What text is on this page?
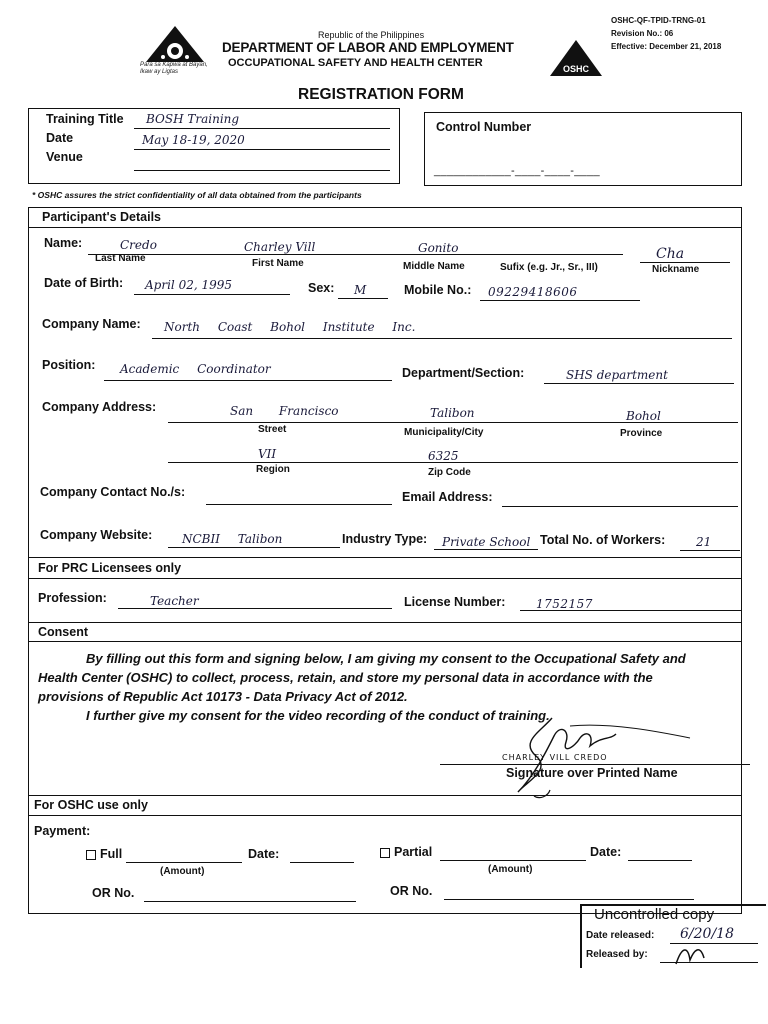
Para sa Kapwa at Bayan, Ikaw ay Ligtas
Republic of the Philippines
DEPARTMENT OF LABOR AND EMPLOYMENT
OCCUPATIONAL SAFETY AND HEALTH CENTER
OSHC-QF-TPID-TRNG-01
Revision No.: 06
Effective: December 21, 2018
OSHC
REGISTRATION FORM
Training Title BOSH Training
Date	May 18-19, 2020
Venue
Control Number
____________-____-____-____
* OSHC assures the strict confidentiality of all data obtained from the participants
Participant's Details
Name:	Credo	Charley Vill	Gonito	Cha
Last Name	First Name	Middle Name	Sufix (e.g. Jr., Sr., III)	Nickname
Date of Birth: April 02, 1995	Sex: M	Mobile No.: 09229418606
Company Name: North Coast Bohol Institute Inc.
Position: Academic Coordinator	Department/Section:	SHS department
Company Address:	San Francisco	Talibon	Bohol
Street	Municipality/City	Province
VII	6325
Region	Zip Code
Company Contact No./s:	Email Address:
Company Website: NCBII Talibon	Industry Type: Private School Total No. of Workers:	21
For PRC Licensees only
Profession:	Teacher	License Number:	1752157
Consent
By filling out this form and signing below, I am giving my consent to the Occupational Safety and Health Center (OSHC) to collect, process, retain, and store my personal data in accordance with the provisions of Republic Act 10173 - Data Privacy Act of 2012.
I further give my consent for the video recording of the conduct of training.
CHARLEY VILL CREDO
Signature over Printed Name
For OSHC use only
Payment:
Full
(Amount)
Date:	Partial
(Amount)
Date:
OR No.	OR No.
Uncontrolled copy
Date released: 6/20/18
Released by:
